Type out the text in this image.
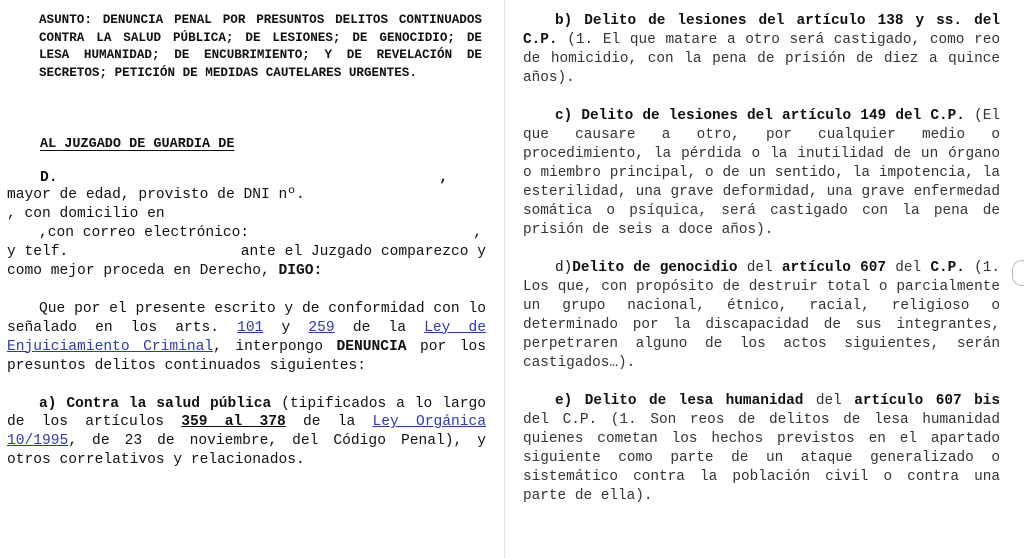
ASUNTO: DENUNCIA PENAL POR PRESUNTOS DELITOS CONTINUADOS CONTRA LA SALUD PÚBLICA; DE LESIONES; DE GENOCIDIO; DE LESA HUMANIDAD; DE ENCUBRIMIENTO; Y DE REVELACIÓN DE SECRETOS; PETICIÓN DE MEDIDAS CAUTELARES URGENTES.

AL JUZGADO DE GUARDIA DE

D.	,
mayor de edad, provisto de DNI nº.
, con domicilio en
,con correo electrónico:	,
y telf.	ante el Juzgado comparezco y
como mejor proceda en Derecho,
DIGO:

Que por el presente escrito y de conformidad con lo señalado en los arts. 101 y 259 de la Ley de Enjuiciamiento Criminal, interpongo DENUNCIA por los presuntos delitos continuados siguientes:

a) Contra la salud pública (tipificados a lo largo de los artículos 359 al 378 de la Ley Orgánica 10/1995, de 23 de noviembre, del Código Penal), y otros correlativos y relacionados.

b) Delito de lesiones del artículo 138 y ss. del C.P. (1. El que matare a otro será castigado, como reo de homicidio, con la pena de prisión de diez a quince años).
c) Delito de lesiones del artículo 149 del C.P. (El que causare a otro, por cualquier medio o procedimiento, la pérdida o la inutilidad de un órgano o miembro principal, o de un sentido, la impotencia, la esterilidad, una grave deformidad, una grave enfermedad somática o psíquica, será castigado con la pena de prisión de seis a doce años).
d)Delito de genocidio del artículo 607 del C.P. (1. Los que, con propósito de destruir total o parcialmente un grupo nacional, étnico, racial, religioso o determinado por la discapacidad de sus integrantes, perpetraren alguno de los actos siguientes, serán castigados…).
e) Delito de lesa humanidad del artículo 607 bis del C.P. (1. Son reos de delitos de lesa humanidad quienes cometan los hechos previstos en el apartado siguiente como parte de un ataque generalizado o sistemático contra la población civil o contra una parte de ella).
